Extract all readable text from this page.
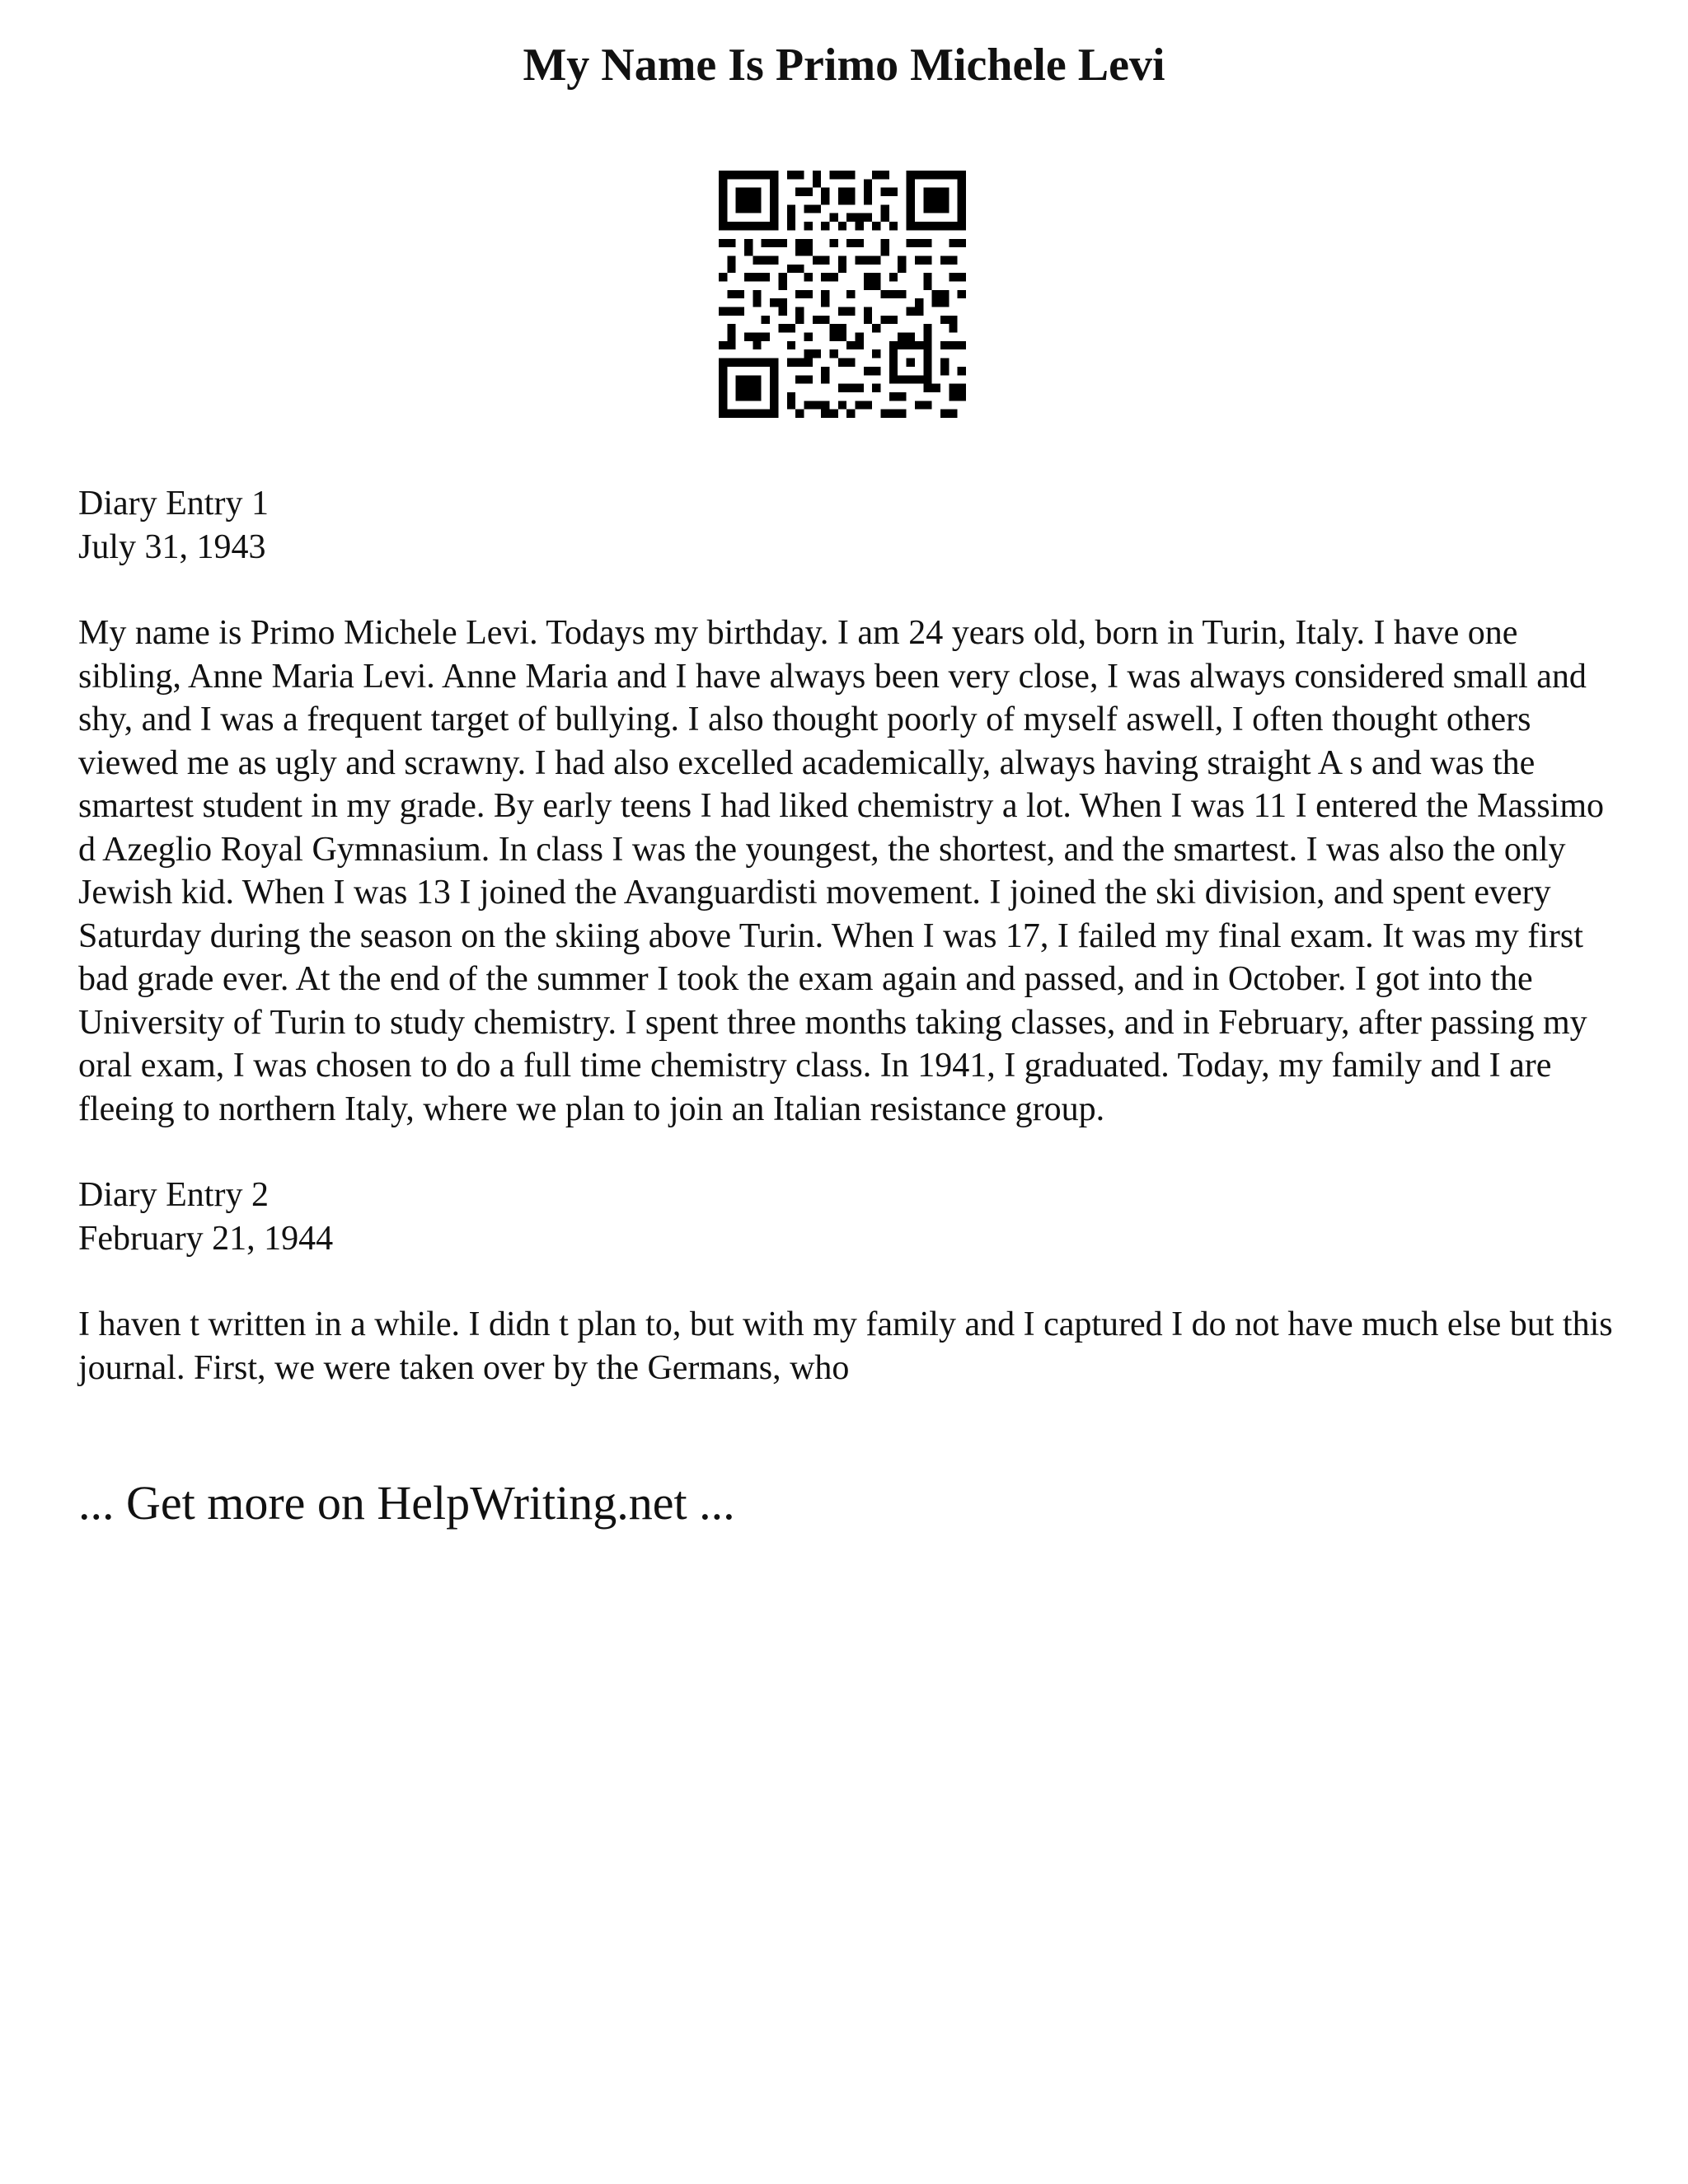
My Name Is Primo Michele Levi

Diary Entry 1

July 31, 1943

My name is Primo Michele Levi. Todays my birthday. I am 24 years old, born in Turin, Italy. I have one sibling, Anne Maria Levi. Anne Maria and I have always been very close, I was always considered small and shy, and I was a frequent target of bullying. I also thought poorly of myself aswell, I often thought others viewed me as ugly and scrawny. I had also excelled academically, always having straight A s and was the smartest student in my grade. By early teens I had liked chemistry a lot. When I was 11 I entered the Massimo d Azeglio Royal Gymnasium. In class I was the youngest, the shortest, and the smartest. I was also the only Jewish kid. When I was 13 I joined the Avanguardisti movement. I joined the ski division, and spent every Saturday during the season on the skiing above Turin. When I was 17, I failed my final exam. It was my first bad grade ever. At the end of the summer I took the exam again and passed, and in October. I got into the University of Turin to study chemistry. I spent three months taking classes, and in February, after passing my oral exam, I was chosen to do a full time chemistry class. In 1941, I graduated. Today, my family and I are fleeing to northern Italy, where we plan to join an Italian resistance group.

Diary Entry 2

February 21, 1944

I haven t written in a while. I didn t plan to, but with my family and I captured I do not have much else but this journal. First, we were taken over by the Germans, who

... Get more on HelpWriting.net ...
